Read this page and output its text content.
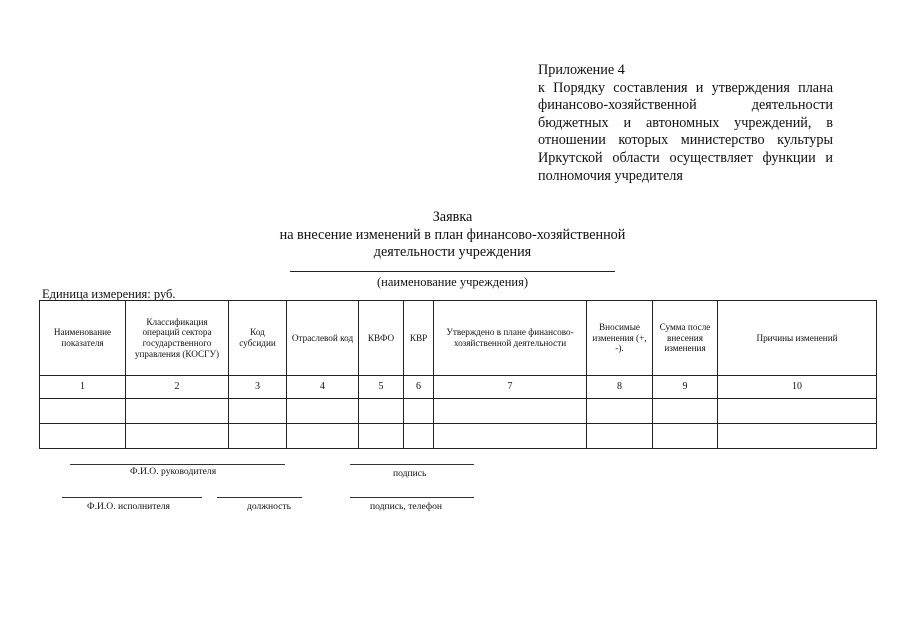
Приложение 4
к Порядку составления и утверждения плана финансово-хозяйственной деятельности бюджетных и автономных учреждений, в отношении которых министерство культуры Иркутской области осуществляет функции и полномочия учредителя
Заявка
на внесение изменений в план финансово-хозяйственной
деятельности учреждения
(наименование учреждения)
Единица измерения: руб.
Наименование показателя	Классификация операций сектора государственного управления (КОСГУ)	Код субсидии	Отраслевой код	КВФО	КВР	Утверждено в плане финансово-хозяйственной деятельности	Вносимые изменения (+, -).	Сумма после внесения изменения	Причины изменений
1	2	3	4	5	6	7	8	9	10

Ф.И.О. руководителя	подпись
Ф.И.О. исполнителя	должность	подпись, телефон
